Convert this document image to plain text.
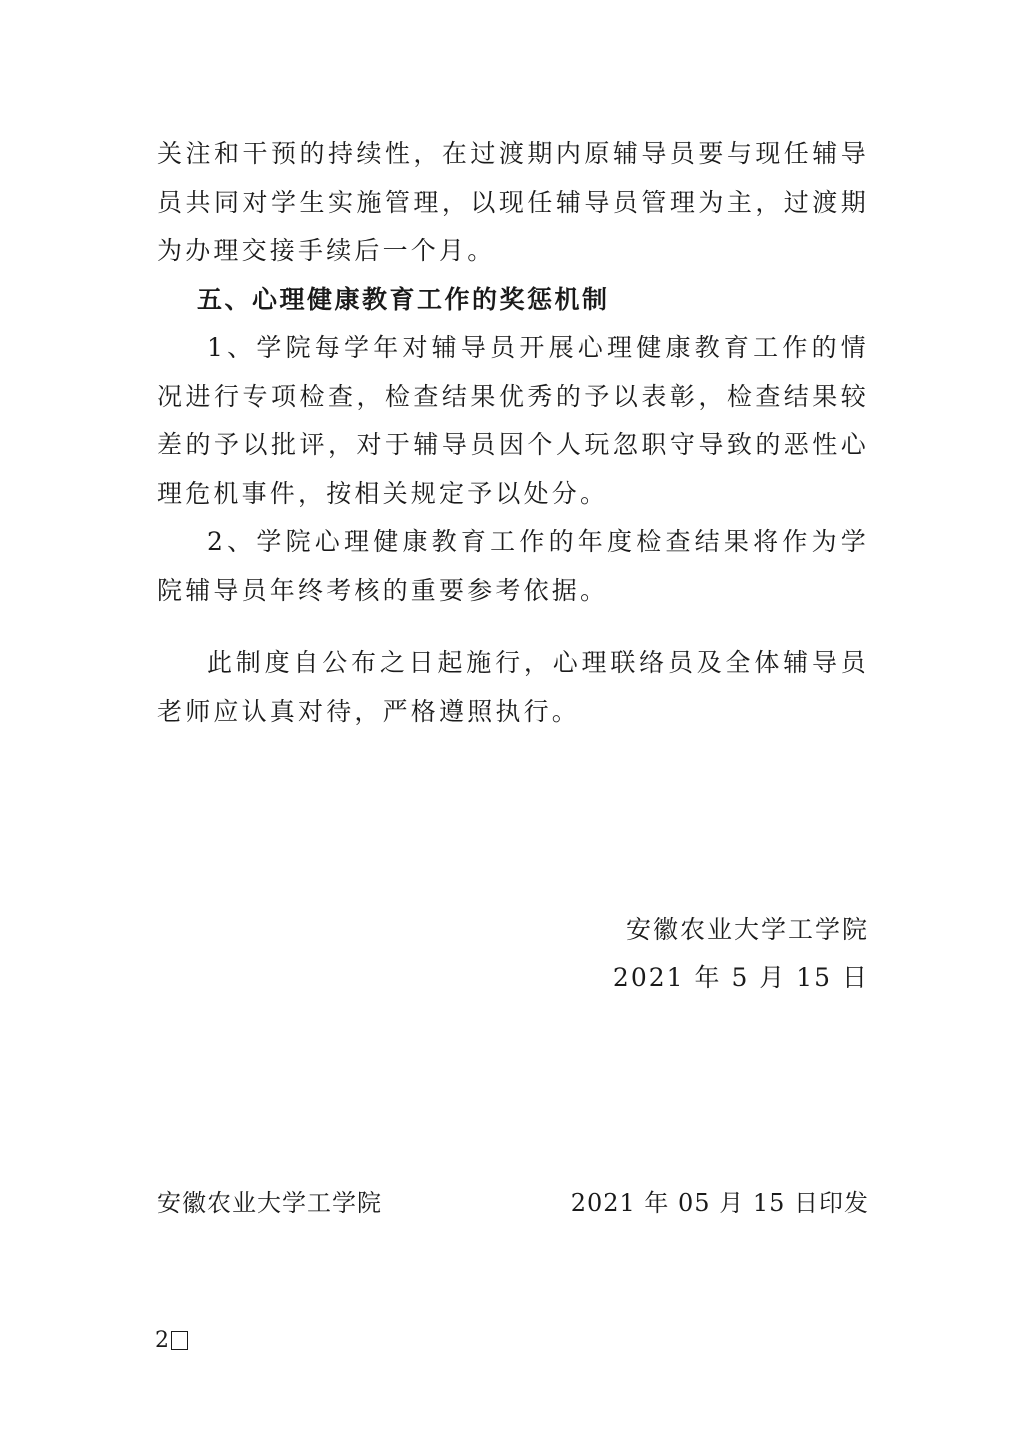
关注和干预的持续性，在过渡期内原辅导员要与现任辅导员共同对学生实施管理，以现任辅导员管理为主，过渡期为办理交接手续后一个月。

五、心理健康教育工作的奖惩机制

1、学院每学年对辅导员开展心理健康教育工作的情况进行专项检查，检查结果优秀的予以表彰，检查结果较差的予以批评，对于辅导员因个人玩忽职守导致的恶性心理危机事件，按相关规定予以处分。

2、学院心理健康教育工作的年度检查结果将作为学院辅导员年终考核的重要参考依据。

此制度自公布之日起施行，心理联络员及全体辅导员老师应认真对待，严格遵照执行。

安徽农业大学工学院
2021 年 5 月 15 日
安徽农业大学工学院	2021 年 05 月 15 日印发
2
